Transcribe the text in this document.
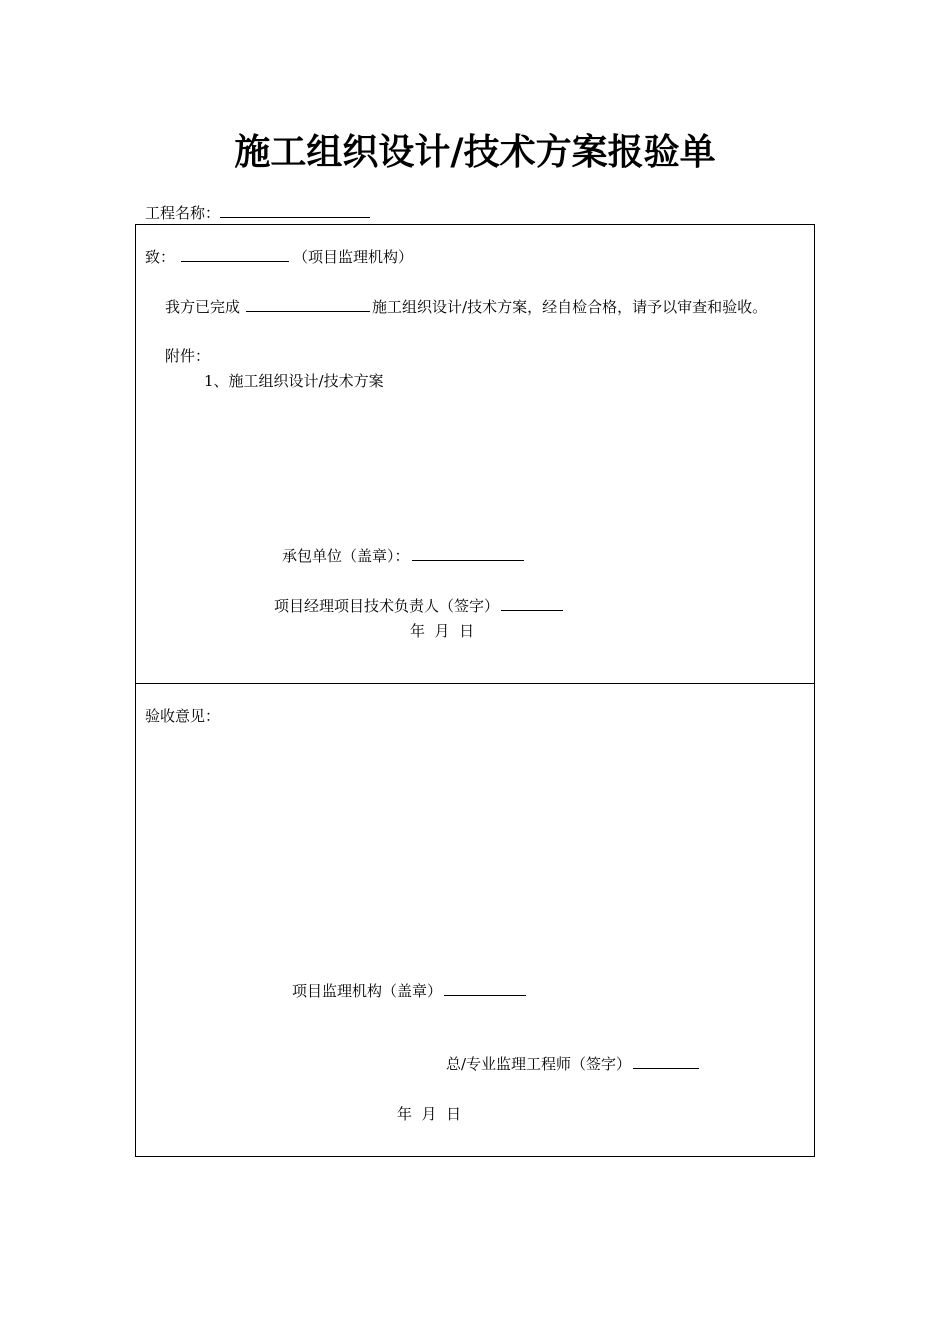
施工组织设计/技术方案报验单
工程名称：
致：	（项目监理机构）
我方已完成	施工组织设计/技术方案，经自检合格，请予以审查和验收。
附件：
1、施工组织设计/技术方案
承包单位（盖章）：
项目经理项目技术负责人（签字）
年  月  日
验收意见：
项目监理机构（盖章）
总/专业监理工程师（签字）
年  月  日
